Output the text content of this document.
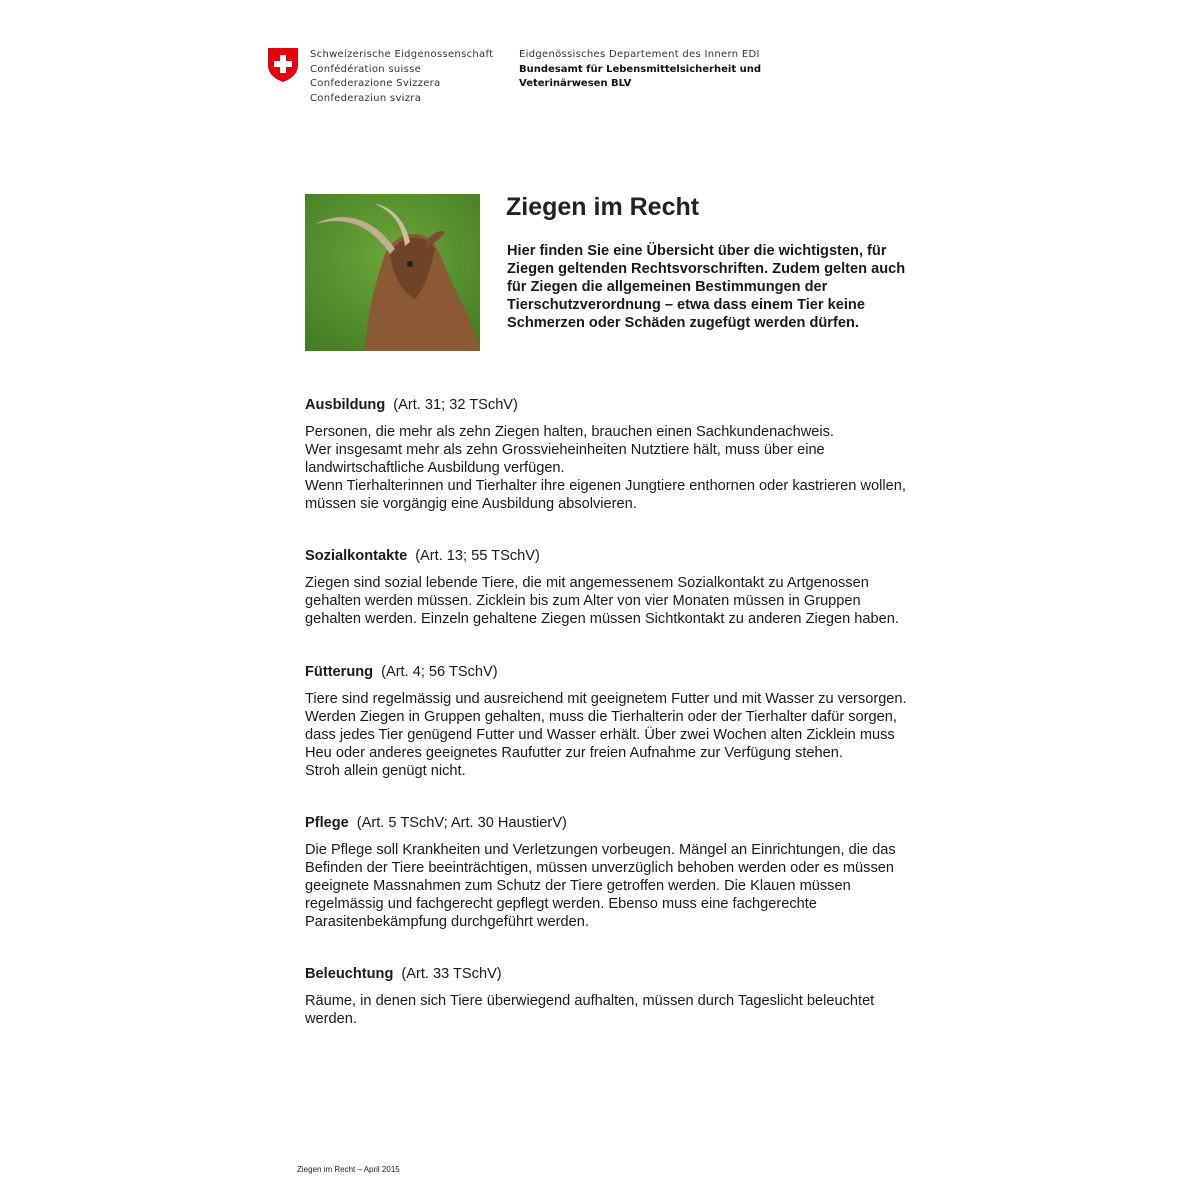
Schweizerische Eidgenossenschaft
Confédération suisse
Confederazione Svizzera
Confederaziun svizra
Eidgenössisches Departement des Innern EDI
Bundesamt für Lebensmittelsicherheit und
Veterinärwesen BLV
Ziegen im Recht
Hier finden Sie eine Übersicht über die wichtigsten, für
Ziegen geltenden Rechtsvorschriften. Zudem gelten auch
für Ziegen die allgemeinen Bestimmungen der
Tierschutzverordnung – etwa dass einem Tier keine
Schmerzen oder Schäden zugefügt werden dürfen.
Ausbildung (Art. 31; 32 TSchV)
Personen, die mehr als zehn Ziegen halten, brauchen einen Sachkundenachweis.
Wer insgesamt mehr als zehn Grossvieheinheiten Nutztiere hält, muss über eine
landwirtschaftliche Ausbildung verfügen.
Wenn Tierhalterinnen und Tierhalter ihre eigenen Jungtiere enthornen oder kastrieren wollen,
müssen sie vorgängig eine Ausbildung absolvieren.
Sozialkontakte (Art. 13; 55 TSchV)
Ziegen sind sozial lebende Tiere, die mit angemessenem Sozialkontakt zu Artgenossen
gehalten werden müssen. Zicklein bis zum Alter von vier Monaten müssen in Gruppen
gehalten werden. Einzeln gehaltene Ziegen müssen Sichtkontakt zu anderen Ziegen haben.
Fütterung (Art. 4; 56 TSchV)
Tiere sind regelmässig und ausreichend mit geeignetem Futter und mit Wasser zu versorgen.
Werden Ziegen in Gruppen gehalten, muss die Tierhalterin oder der Tierhalter dafür sorgen,
dass jedes Tier genügend Futter und Wasser erhält. Über zwei Wochen alten Zicklein muss
Heu oder anderes geeignetes Raufutter zur freien Aufnahme zur Verfügung stehen.
Stroh allein genügt nicht.
Pflege (Art. 5 TSchV; Art. 30 HaustierV)
Die Pflege soll Krankheiten und Verletzungen vorbeugen. Mängel an Einrichtungen, die das
Befinden der Tiere beeinträchtigen, müssen unverzüglich behoben werden oder es müssen
geeignete Massnahmen zum Schutz der Tiere getroffen werden. Die Klauen müssen
regelmässig und fachgerecht gepflegt werden. Ebenso muss eine fachgerechte
Parasitenbekämpfung durchgeführt werden.
Beleuchtung (Art. 33 TSchV)
Räume, in denen sich Tiere überwiegend aufhalten, müssen durch Tageslicht beleuchtet
werden.
Ziegen im Recht – April 2015
